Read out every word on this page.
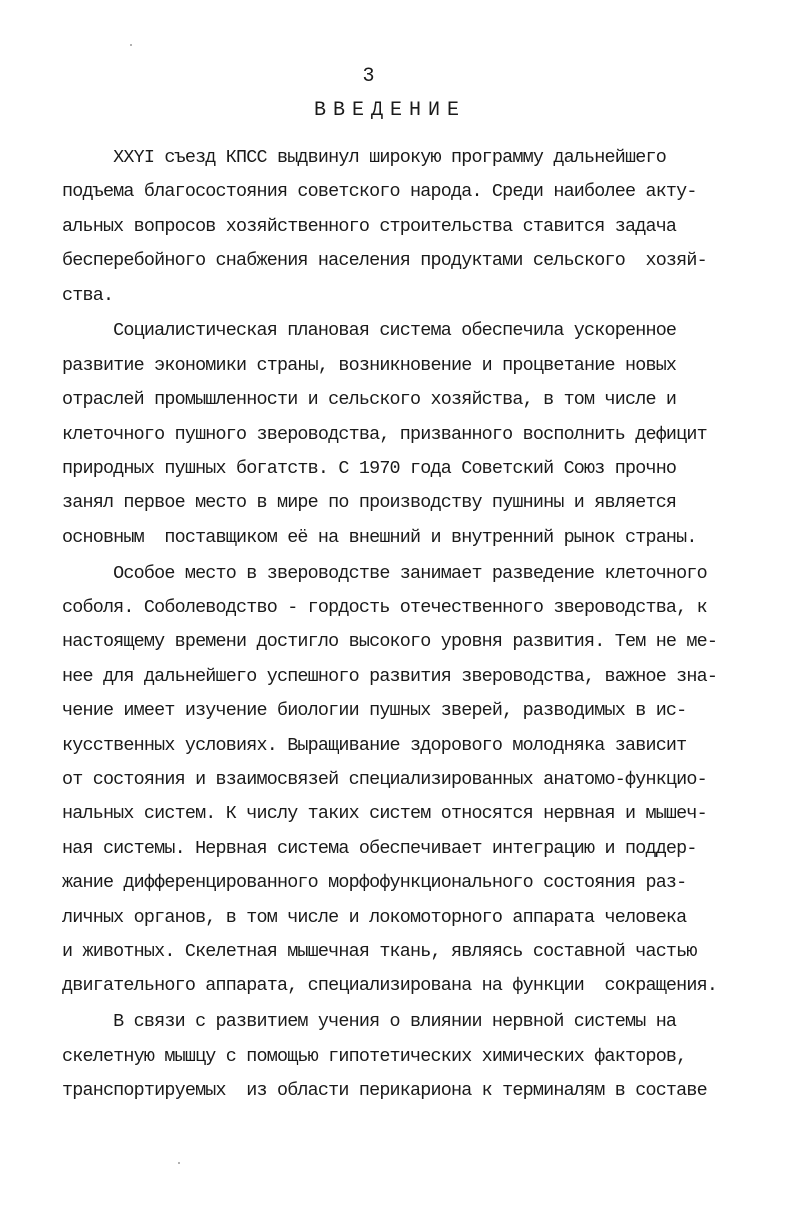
3
ВВЕДЕНИЕ
XXYI съезд КПСС выдвинул широкую программу дальнейшего
подъема благосостояния советского народа. Среди наиболее акту-
альных вопросов хозяйственного строительства ставится задача
бесперебойного снабжения населения продуктами сельского  хозяй-
ства.
Социалистическая плановая система обеспечила ускоренное
развитие экономики страны, возникновение и процветание новых
отраслей промышленности и сельского хозяйства, в том числе и
клеточного пушного звероводства, призванного восполнить дефицит
природных пушных богатств. С 1970 года Советский Союз прочно
занял первое место в мире по производству пушнины и является
основным  поставщиком её на внешний и внутренний рынок страны.
Особое место в звероводстве занимает разведение клеточного
соболя. Соболеводство - гордость отечественного звероводства, к
настоящему времени достигло высокого уровня развития. Тем не ме-
нее для дальнейшего успешного развития звероводства, важное зна-
чение имеет изучение биологии пушных зверей, разводимых в ис-
кусственных условиях. Выращивание здорового молодняка зависит
от состояния и взаимосвязей специализированных анатомо-функцио-
нальных систем. К числу таких систем относятся нервная и мышеч-
ная системы. Нервная система обеспечивает интеграцию и поддер-
жание дифференцированного морфофункционального состояния раз-
личных органов, в том числе и локомоторного аппарата человека
и животных. Скелетная мышечная ткань, являясь составной частью
двигательного аппарата, специализирована на функции  сокращения.
В связи с развитием учения о влиянии нервной системы на
скелетную мышцу с помощью гипотетических химических факторов,
транспортируемых  из области перикариона к терминалям в составе
